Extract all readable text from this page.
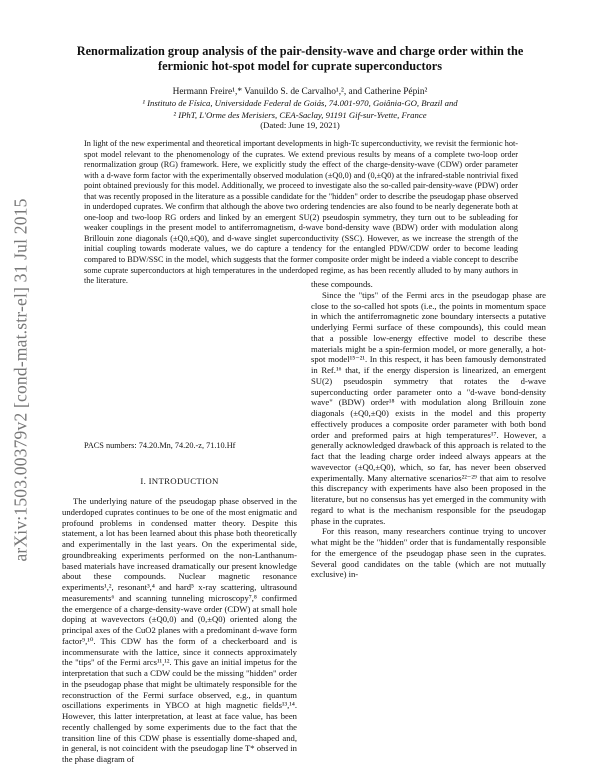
arXiv:1503.00379v2 [cond-mat.str-el] 31 Jul 2015
Renormalization group analysis of the pair-density-wave and charge order within the fermionic hot-spot model for cuprate superconductors
Hermann Freire¹,* Vanuildo S. de Carvalho¹,², and Catherine Pépin²
¹ Instituto de Física, Universidade Federal de Goiás, 74.001-970, Goiânia-GO, Brazil and
² IPhT, L'Orme des Merisiers, CEA-Saclay, 91191 Gif-sur-Yvette, France
(Dated: June 19, 2021)
In light of the new experimental and theoretical important developments in high-Tc superconductivity, we revisit the fermionic hot-spot model relevant to the phenomenology of the cuprates. We extend previous results by means of a complete two-loop order renormalization group (RG) framework. Here, we explicitly study the effect of the charge-density-wave (CDW) order parameter with a d-wave form factor with the experimentally observed modulation (±Q0,0) and (0,±Q0) at the infrared-stable nontrivial fixed point obtained previously for this model. Additionally, we proceed to investigate also the so-called pair-density-wave (PDW) order that was recently proposed in the literature as a possible candidate for the "hidden" order to describe the pseudogap phase observed in underdoped cuprates. We confirm that although the above two ordering tendencies are also found to be nearly degenerate both at one-loop and two-loop RG orders and linked by an emergent SU(2) pseudospin symmetry, they turn out to be subleading for weaker couplings in the present model to antiferromagnetism, d-wave bond-density wave (BDW) order with modulation along Brillouin zone diagonals (±Q0,±Q0), and d-wave singlet superconductivity (SSC). However, as we increase the strength of the initial coupling towards moderate values, we do capture a tendency for the entangled PDW/CDW order to become leading compared to BDW/SSC in the model, which suggests that the former composite order might be indeed a viable concept to describe some cuprate superconductors at high temperatures in the underdoped regime, as has been recently alluded to by many authors in the literature.
PACS numbers: 74.20.Mn, 74.20.-z, 71.10.Hf
I. INTRODUCTION

The underlying nature of the pseudogap phase observed in the underdoped cuprates continues to be one of the most enigmatic and profound problems in condensed matter theory. Despite this statement, a lot has been learned about this phase both theoretically and experimentally in the last years. On the experimental side, groundbreaking experiments performed on the non-Lanthanum-based materials have increased dramatically our present knowledge about these compounds. Nuclear magnetic resonance experiments¹,², resonant³,⁴ and hard⁵ x-ray scattering, ultrasound measurements⁶ and scanning tunneling microscopy⁷,⁸ confirmed the emergence of a charge-density-wave order (CDW) at small hole doping at wavevectors (±Q0,0) and (0,±Q0) oriented along the principal axes of the CuO2 planes with a predominant d-wave form factor⁹,¹⁰. This CDW has the form of a checkerboard and is incommensurate with the lattice, since it connects approximately the "tips" of the Fermi arcs¹¹,¹². This gave an initial impetus for the interpretation that such a CDW could be the missing "hidden" order in the pseudogap phase that might be ultimately responsible for the reconstruction of the Fermi surface observed, e.g., in quantum oscillations experiments in YBCO at high magnetic fields¹³,¹⁴. However, this latter interpretation, at least at face value, has been recently challenged by some experiments due to the fact that the transition line of this CDW phase is essentially dome-shaped and, in general, is not coincident with the pseudogap line T* observed in the phase diagram of

these compounds.

Since the "tips" of the Fermi arcs in the pseudogap phase are close to the so-called hot spots (i.e., the points in momentum space in which the antiferromagnetic zone boundary intersects a putative underlying Fermi surface of these compounds), this could mean that a possible low-energy effective model to describe these materials might be a spin-fermion model, or more generally, a hot-spot model¹⁵⁻²¹. In this respect, it has been famously demonstrated in Ref.¹⁶ that, if the energy dispersion is linearized, an emergent SU(2) pseudospin symmetry that rotates the d-wave superconducting order parameter onto a "d-wave bond-density wave" (BDW) order¹⁸ with modulation along Brillouin zone diagonals (±Q0,±Q0) exists in the model and this property effectively produces a composite order parameter with both bond order and preformed pairs at high temperatures¹⁷. However, a generally acknowledged drawback of this approach is related to the fact that the leading charge order indeed always appears at the wavevector (±Q0,±Q0), which, so far, has never been observed experimentally. Many alternative scenarios²²⁻²⁹ that aim to resolve this discrepancy with experiments have also been proposed in the literature, but no consensus has yet emerged in the community with regard to what is the mechanism responsible for the pseudogap phase in the cuprates.

For this reason, many researchers continue trying to uncover what might be the "hidden" order that is fundamentally responsible for the emergence of the pseudogap phase seen in the cuprates. Several good candidates on the table (which are not mutually exclusive) in-
